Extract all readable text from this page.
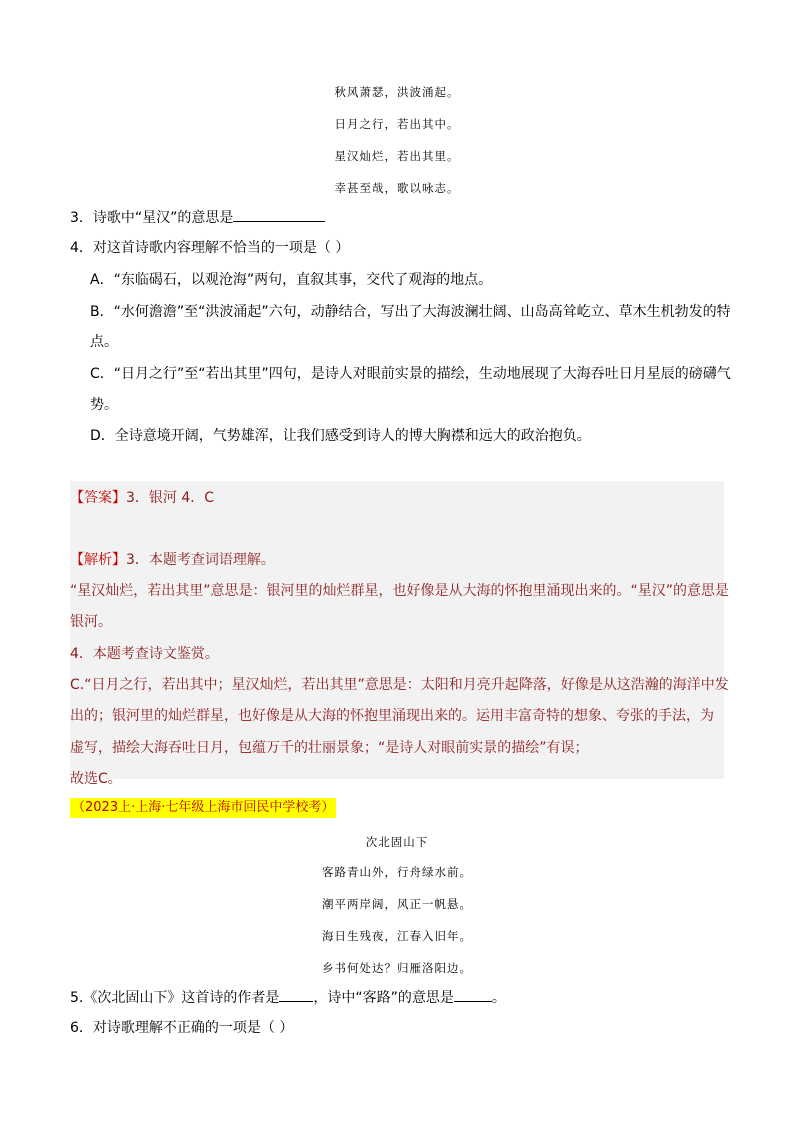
秋风萧瑟，洪波涌起。
日月之行，若出其中。
星汉灿烂，若出其里。
幸甚至哉，歌以咏志。
3．诗歌中“星汉”的意思是
4．对这首诗歌内容理解不恰当的一项是（ ）
A．“东临碣石，以观沧海”两句，直叙其事，交代了观海的地点。
B．“水何澹澹”至“洪波涌起”六句，动静结合，写出了大海波澜壮阔、山岛高耸屹立、草木生机勃发的特
点。
C．“日月之行”至“若出其里”四句，是诗人对眼前实景的描绘，生动地展现了大海吞吐日月星辰的磅礴气
势。
D．全诗意境开阔，气势雄浑，让我们感受到诗人的博大胸襟和远大的政治抱负。
【答案】3．银河 4．C
【解析】3．本题考查词语理解。
“星汉灿烂，若出其里”意思是：银河里的灿烂群星，也好像是从大海的怀抱里涌现出来的。“星汉”的意思是
银河。
4．本题考查诗文鉴赏。
C.“日月之行，若出其中；星汉灿烂，若出其里”意思是：太阳和月亮升起降落，好像是从这浩瀚的海洋中发
出的；银河里的灿烂群星，也好像是从大海的怀抱里涌现出来的。运用丰富奇特的想象、夸张的手法，为
虚写，描绘大海吞吐日月，包蕴万千的壮丽景象；“是诗人对眼前实景的描绘”有误；
故选C。
（2023上·上海·七年级上海市回民中学校考）
次北固山下
客路青山外，行舟绿水前。
潮平两岸阔，风正一帆悬。
海日生残夜，江春入旧年。
乡书何处达？归雁洛阳边。
5.《次北固山下》这首诗的作者是 ，诗中“客路”的意思是	。
6．对诗歌理解不正确的一项是（ ）
